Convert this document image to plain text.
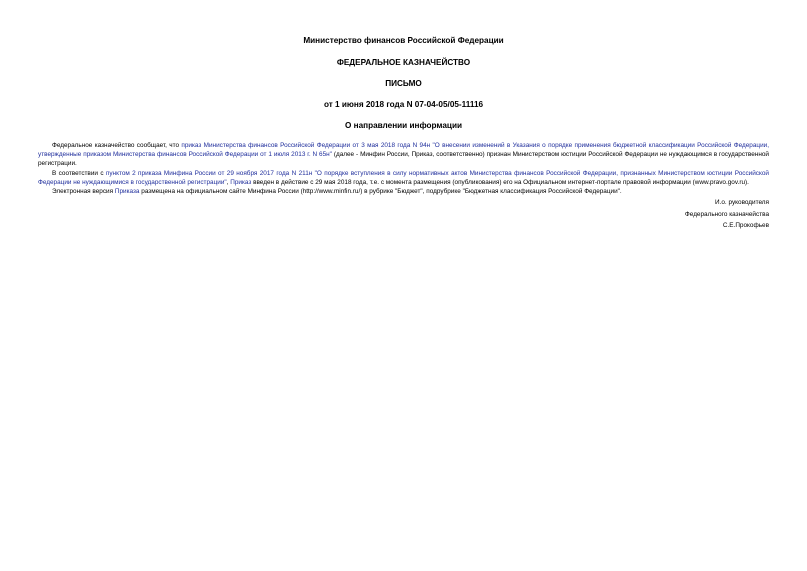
Министерство финансов Российской Федерации
ФЕДЕРАЛЬНОЕ КАЗНАЧЕЙСТВО
ПИСЬМО
от 1 июня 2018 года N 07-04-05/05-11116
О направлении информации

Федеральное казначейство сообщает, что приказ Министерства финансов Российской Федерации от 3 мая 2018 года N 94н "О внесении изменений в Указания о порядке применения бюджетной классификации Российской Федерации, утвержденные приказом Министерства финансов Российской Федерации от 1 июля 2013 г. N 65н" (далее - Минфин России, Приказ, соответственно) признан Министерством юстиции Российской Федерации не нуждающимся в государственной регистрации.

В соответствии с пунктом 2 приказа Минфина России от 29 ноября 2017 года N 211н "О порядке вступления в силу нормативных актов Министерства финансов Российской Федерации, признанных Министерством юстиции Российской Федерации не нуждающимися в государственной регистрации", Приказ введен в действие с 29 мая 2018 года, т.е. с момента размещения (опубликования) его на Официальном интернет-портале правовой информации (www.pravo.gov.ru).

Электронная версия Приказа размещена на официальном сайте Минфина России (http://www.minfin.ru/) в рубрике "Бюджет", подрубрике "Бюджетная классификация Российской Федерации".

И.о. руководителя
Федерального казначейства
С.Е.Прокофьев
